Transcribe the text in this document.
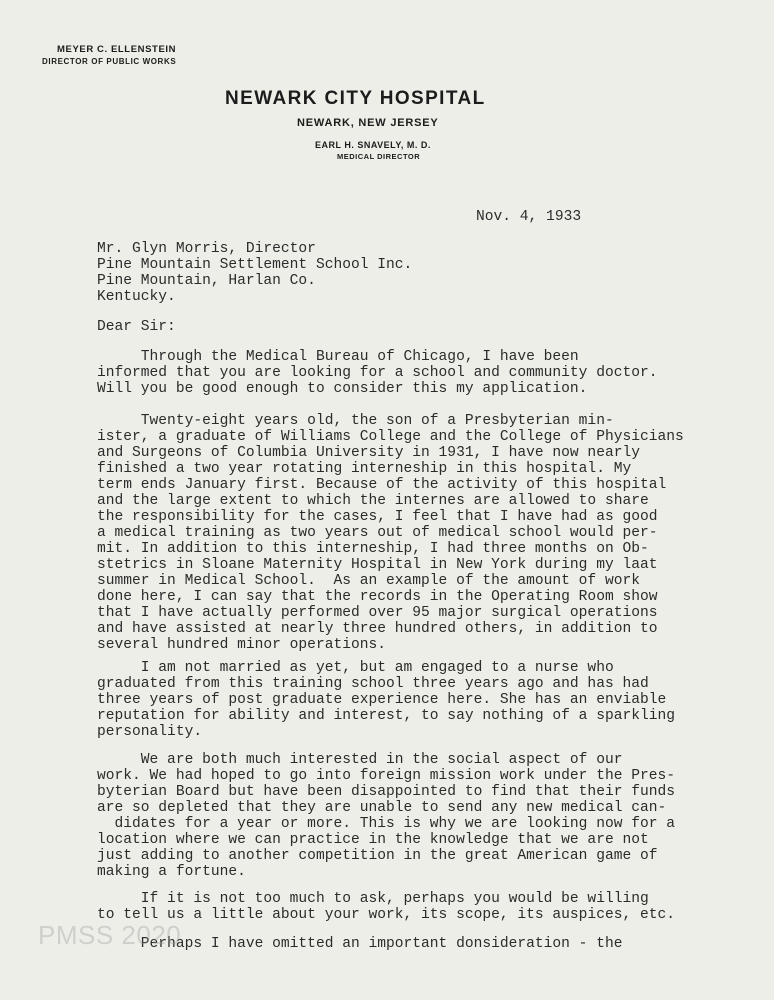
MEYER C. ELLENSTEIN
DIRECTOR OF PUBLIC WORKS
NEWARK CITY HOSPITAL
NEWARK, NEW JERSEY
EARL H. SNAVELY, M. D.
MEDICAL DIRECTOR
Nov. 4, 1933
Mr. Glyn Morris, Director
Pine Mountain Settlement School Inc.
Pine Mountain, Harlan Co.
Kentucky.
Dear Sir:
Through the Medical Bureau of Chicago, I have been
informed that you are looking for a school and community doctor.
Will you be good enough to consider this my application.
Twenty-eight years old, the son of a Presbyterian min-
ister, a graduate of Williams College and the College of Physicians
and Surgeons of Columbia University in 1931, I have now nearly
finished a two year rotating interneship in this hospital. My
term ends January first. Because of the activity of this hospital
and the large extent to which the internes are allowed to share
the responsibility for the cases, I feel that I have had as good
a medical training as two years out of medical school would per-
mit. In addition to this interneship, I had three months on Ob-
stetrics in Sloane Maternity Hospital in New York during my laat
summer in Medical School.  As an example of the amount of work
done here, I can say that the records in the Operating Room show
that I have actually performed over 95 major surgical operations
and have assisted at nearly three hundred others, in addition to
several hundred minor operations.
I am not married as yet, but am engaged to a nurse who
graduated from this training school three years ago and has had
three years of post graduate experience here. She has an enviable
reputation for ability and interest, to say nothing of a sparkling
personality.
We are both much interested in the social aspect of our
work. We had hoped to go into foreign mission work under the Pres-
byterian Board but have been disappointed to find that their funds
are so depleted that they are unable to send any new medical can-
didates for a year or more. This is why we are looking now for a
location where we can practice in the knowledge that we are not
just adding to another competition in the great American game of
making a fortune.
If it is not too much to ask, perhaps you would be willing
to tell us a little about your work, its scope, its auspices, etc.
Perhaps I have omitted an important donsideration - the
PMSS 2020
